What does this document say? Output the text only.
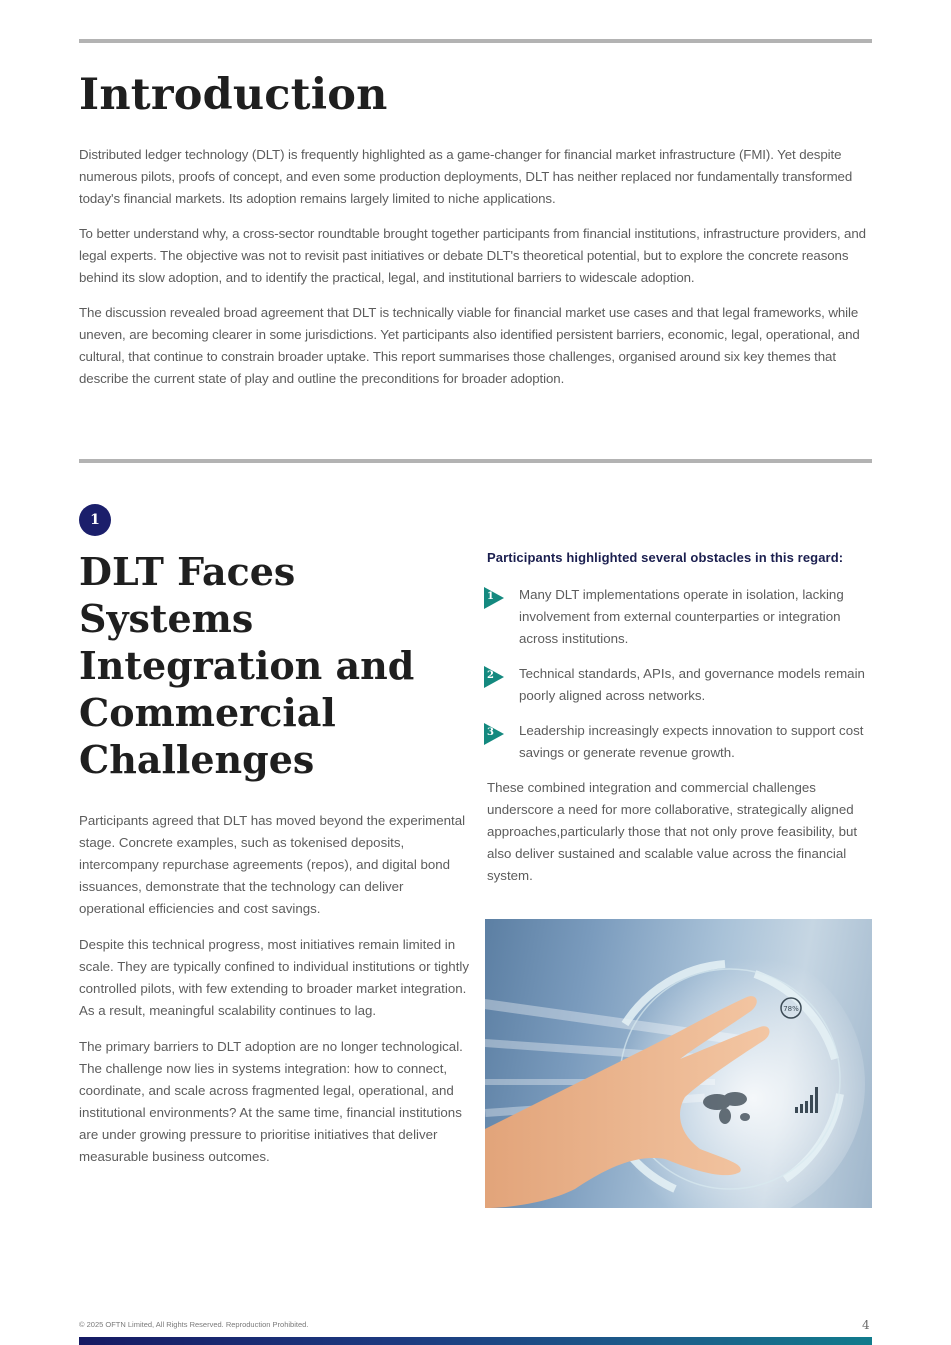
Introduction

Distributed ledger technology (DLT) is frequently highlighted as a game-changer for financial market infrastructure (FMI). Yet despite numerous pilots, proofs of concept, and even some production deployments, DLT has neither replaced nor fundamentally transformed today's financial markets. Its adoption remains largely limited to niche applications.

To better understand why, a cross-sector roundtable brought together participants from financial institutions, infrastructure providers, and legal experts. The objective was not to revisit past initiatives or debate DLT's theoretical potential, but to explore the concrete reasons behind its slow adoption, and to identify the practical, legal, and institutional barriers to widescale adoption.

The discussion revealed broad agreement that DLT is technically viable for financial market use cases and that legal frameworks, while uneven, are becoming clearer in some jurisdictions. Yet participants also identified persistent barriers, economic, legal, operational, and cultural, that continue to constrain broader uptake. This report summarises those challenges, organised around six key themes that describe the current state of play and outline the preconditions for broader adoption.

1
DLT Faces Systems Integration and Commercial Challenges

Participants agreed that DLT has moved beyond the experimental stage. Concrete examples, such as tokenised deposits, intercompany repurchase agreements (repos), and digital bond issuances, demonstrate that the technology can deliver operational efficiencies and cost savings.

Despite this technical progress, most initiatives remain limited in scale. They are typically confined to individual institutions or tightly controlled pilots, with few extending to broader market integration. As a result, meaningful scalability continues to lag.

The primary barriers to DLT adoption are no longer technological. The challenge now lies in systems integration: how to connect, coordinate, and scale across fragmented legal, operational, and institutional environments? At the same time, financial institutions are under growing pressure to prioritise initiatives that deliver measurable business outcomes.

Participants highlighted several obstacles in this regard:
1 Many DLT implementations operate in isolation, lacking involvement from external counterparties or integration across institutions.
2 Technical standards, APIs, and governance models remain poorly aligned across networks.
3 Leadership increasingly expects innovation to support cost savings or generate revenue growth.

These combined integration and commercial challenges underscore a need for more collaborative, strategically aligned approaches,particularly those that not only prove feasibility, but also deliver sustained and scalable value across the financial system.

78%
© 2025 OFTN Limited, All Rights Reserved. Reproduction Prohibited.	4
